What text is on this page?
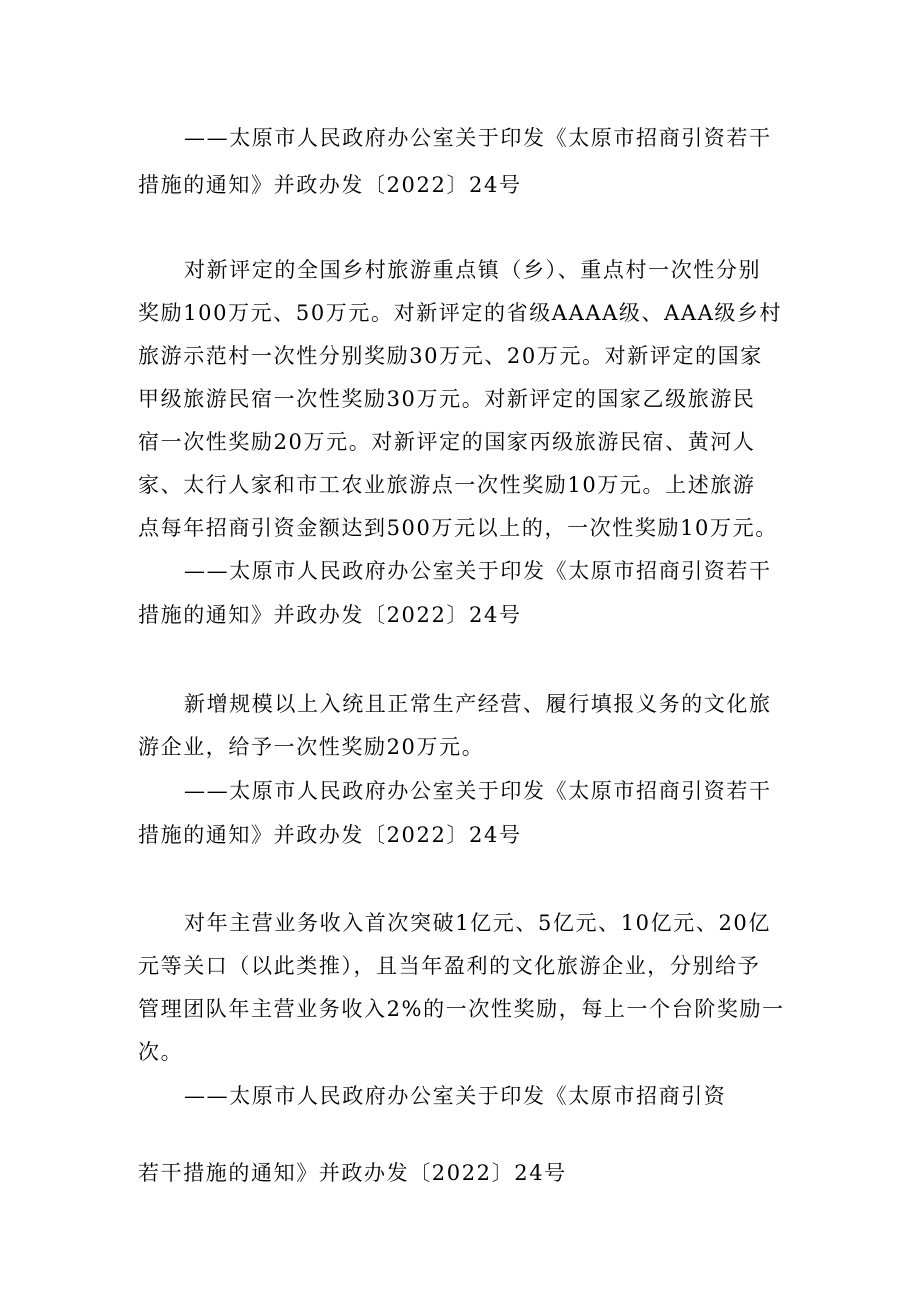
——太原市人民政府办公室关于印发《太原市招商引资若干
措施的通知》并政办发〔2022〕24号
对新评定的全国乡村旅游重点镇（乡）、重点村一次性分别
奖励100万元、50万元。对新评定的省级AAAA级、AAA级乡村
旅游示范村一次性分别奖励30万元、20万元。对新评定的国家
甲级旅游民宿一次性奖励30万元。对新评定的国家乙级旅游民
宿一次性奖励20万元。对新评定的国家丙级旅游民宿、黄河人
家、太行人家和市工农业旅游点一次性奖励10万元。上述旅游
点每年招商引资金额达到500万元以上的，一次性奖励10万元。
——太原市人民政府办公室关于印发《太原市招商引资若干
措施的通知》并政办发〔2022〕24号
新增规模以上入统且正常生产经营、履行填报义务的文化旅
游企业，给予一次性奖励20万元。
——太原市人民政府办公室关于印发《太原市招商引资若干
措施的通知》并政办发〔2022〕24号
对年主营业务收入首次突破1亿元、5亿元、10亿元、20亿
元等关口（以此类推），且当年盈利的文化旅游企业，分别给予
管理团队年主营业务收入2%的一次性奖励，每上一个台阶奖励一
次。
——太原市人民政府办公室关于印发《太原市招商引资
若干措施的通知》并政办发〔2022〕24号
